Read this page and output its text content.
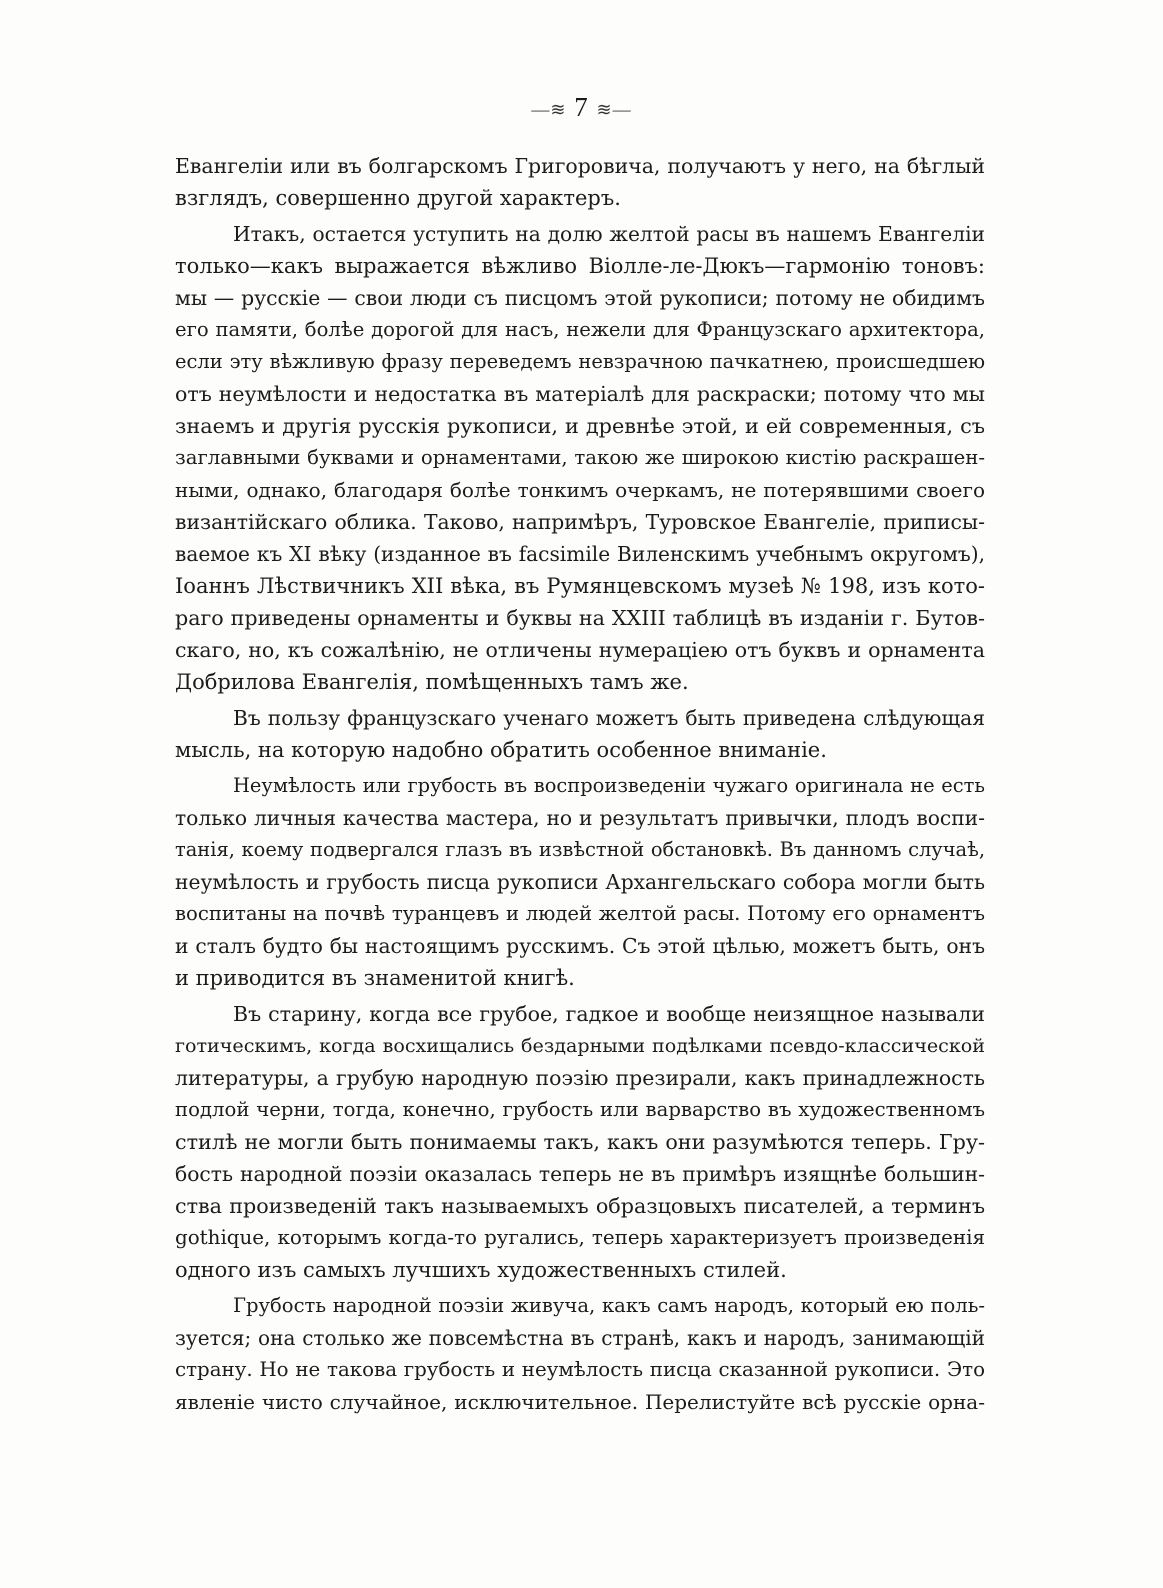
—≋ 7 ≋—
Евангелiи или въ болгарскомъ Григоровича, получаютъ у него, на бѣглый
взглядъ, совершенно другой характеръ.
Итакъ, остается уступить на долю желтой расы въ нашемъ Евангелiи
только—какъ выражается вѣжливо Віолле-ле-Дюкъ—гармонiю тоновъ:
мы — русскіе — свои люди съ писцомъ этой рукописи; потому не обидимъ
его памяти, болѣе дорогой для насъ, нежели для Французскаго архитектора,
если эту вѣжливую фразу переведемъ невзрачною пачкатнею, происшедшею
отъ неумѣлости и недостатка въ матеріалѣ для раскраски; потому что мы
знаемъ и другія русскія рукописи, и древнѣе этой, и ей современныя, съ
заглавными буквами и орнаментами, такою же широкою кистiю раскрашен-
ными, однако, благодаря болѣе тонкимъ очеркамъ, не потерявшими своего
византiйскаго облика. Таково, напримѣръ, Туровское Евангеліе, приписы-
ваемое къ XI вѣку (изданное въ facsimile Виленскимъ учебнымъ округомъ),
Іоаннъ Лѣствичникъ XII вѣка, въ Румянцевскомъ музеѣ № 198, изъ кото-
раго приведены орнаменты и буквы на XXIII таблицѣ въ изданiи г. Бутов-
скаго, но, къ сожалѣнiю, не отличены нумерацiею отъ буквъ и орнамента
Добрилова Евангелія, помѣщенныхъ тамъ же.
Въ пользу французскаго ученаго можетъ быть приведена слѣдующая
мысль, на которую надобно обратить особенное вниманiе.
Неумѣлость или грубость въ воспроизведенiи чужаго оригинала не есть
только личныя качества мастера, но и результатъ привычки, плодъ воспи-
танія, коему подвергался глазъ въ извѣстной обстановкѣ. Въ данномъ случаѣ,
неумѣлость и грубость писца рукописи Архангельскаго собора могли быть
воспитаны на почвѣ туранцевъ и людей желтой расы. Потому его орнаментъ
и сталъ будто бы настоящимъ русскимъ. Съ этой цѣлью, можетъ быть, онъ
и приводится въ знаменитой книгѣ.
Въ старину, когда все грубое, гадкое и вообще неизящное называли
готическимъ, когда восхищались бездарными подѣлками псевдо-классической
литературы, а грубую народную поэзiю презирали, какъ принадлежность
подлой черни, тогда, конечно, грубость или варварство въ художественномъ
стилѣ не могли быть понимаемы такъ, какъ они разумѣются теперь. Гру-
бость народной поэзiи оказалась теперь не въ примѣръ изящнѣе большин-
ства произведенiй такъ называемыхъ образцовыхъ писателей, а терминъ
gothique, которымъ когда-то ругались, теперь характеризуетъ произведенія
одного изъ самыхъ лучшихъ художественныхъ стилей.
Грубость народной поэзiи живуча, какъ самъ народъ, который ею поль-
зуется; она столько же повсемѣстна въ странѣ, какъ и народъ, занимающiй
страну. Но не такова грубость и неумѣлость писца сказанной рукописи. Это
явленiе чисто случайное, исключительное. Перелистуйте всѣ русскiе орна-
